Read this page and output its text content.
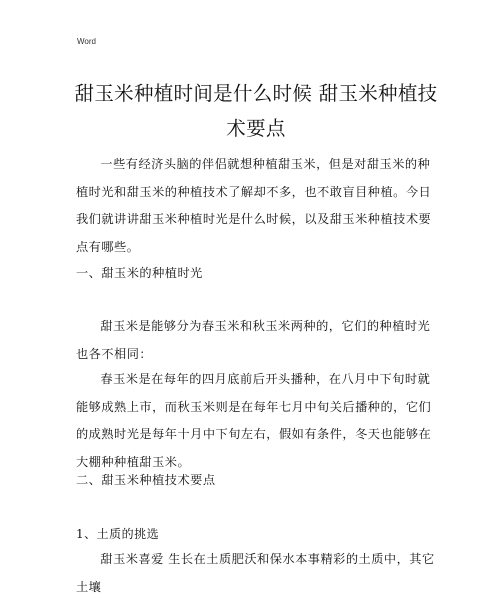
Word
甜玉米种植时间是什么时候 甜玉米种植技术要点

一些有经济头脑的伴侣就想种植甜玉米，但是对甜玉米的种植时光和甜玉米的种植技术了解却不多，也不敢盲目种植。今日我们就讲讲甜玉米种植时光是什么时候，以及甜玉米种植技术要点有哪些。

一、甜玉米的种植时光

甜玉米是能够分为春玉米和秋玉米两种的，它们的种植时光也各不相同：

春玉米是在每年的四月底前后开头播种，在八月中下旬时就能够成熟上市，而秋玉米则是在每年七月中旬关后播种的，它们的成熟时光是每年十月中下旬左右，假如有条件，冬天也能够在大棚种种植甜玉米。

二、甜玉米种植技术要点

1、土质的挑选

甜玉米喜爱 生长在土质肥沃和保水本事精彩的土质中，其它土壤
